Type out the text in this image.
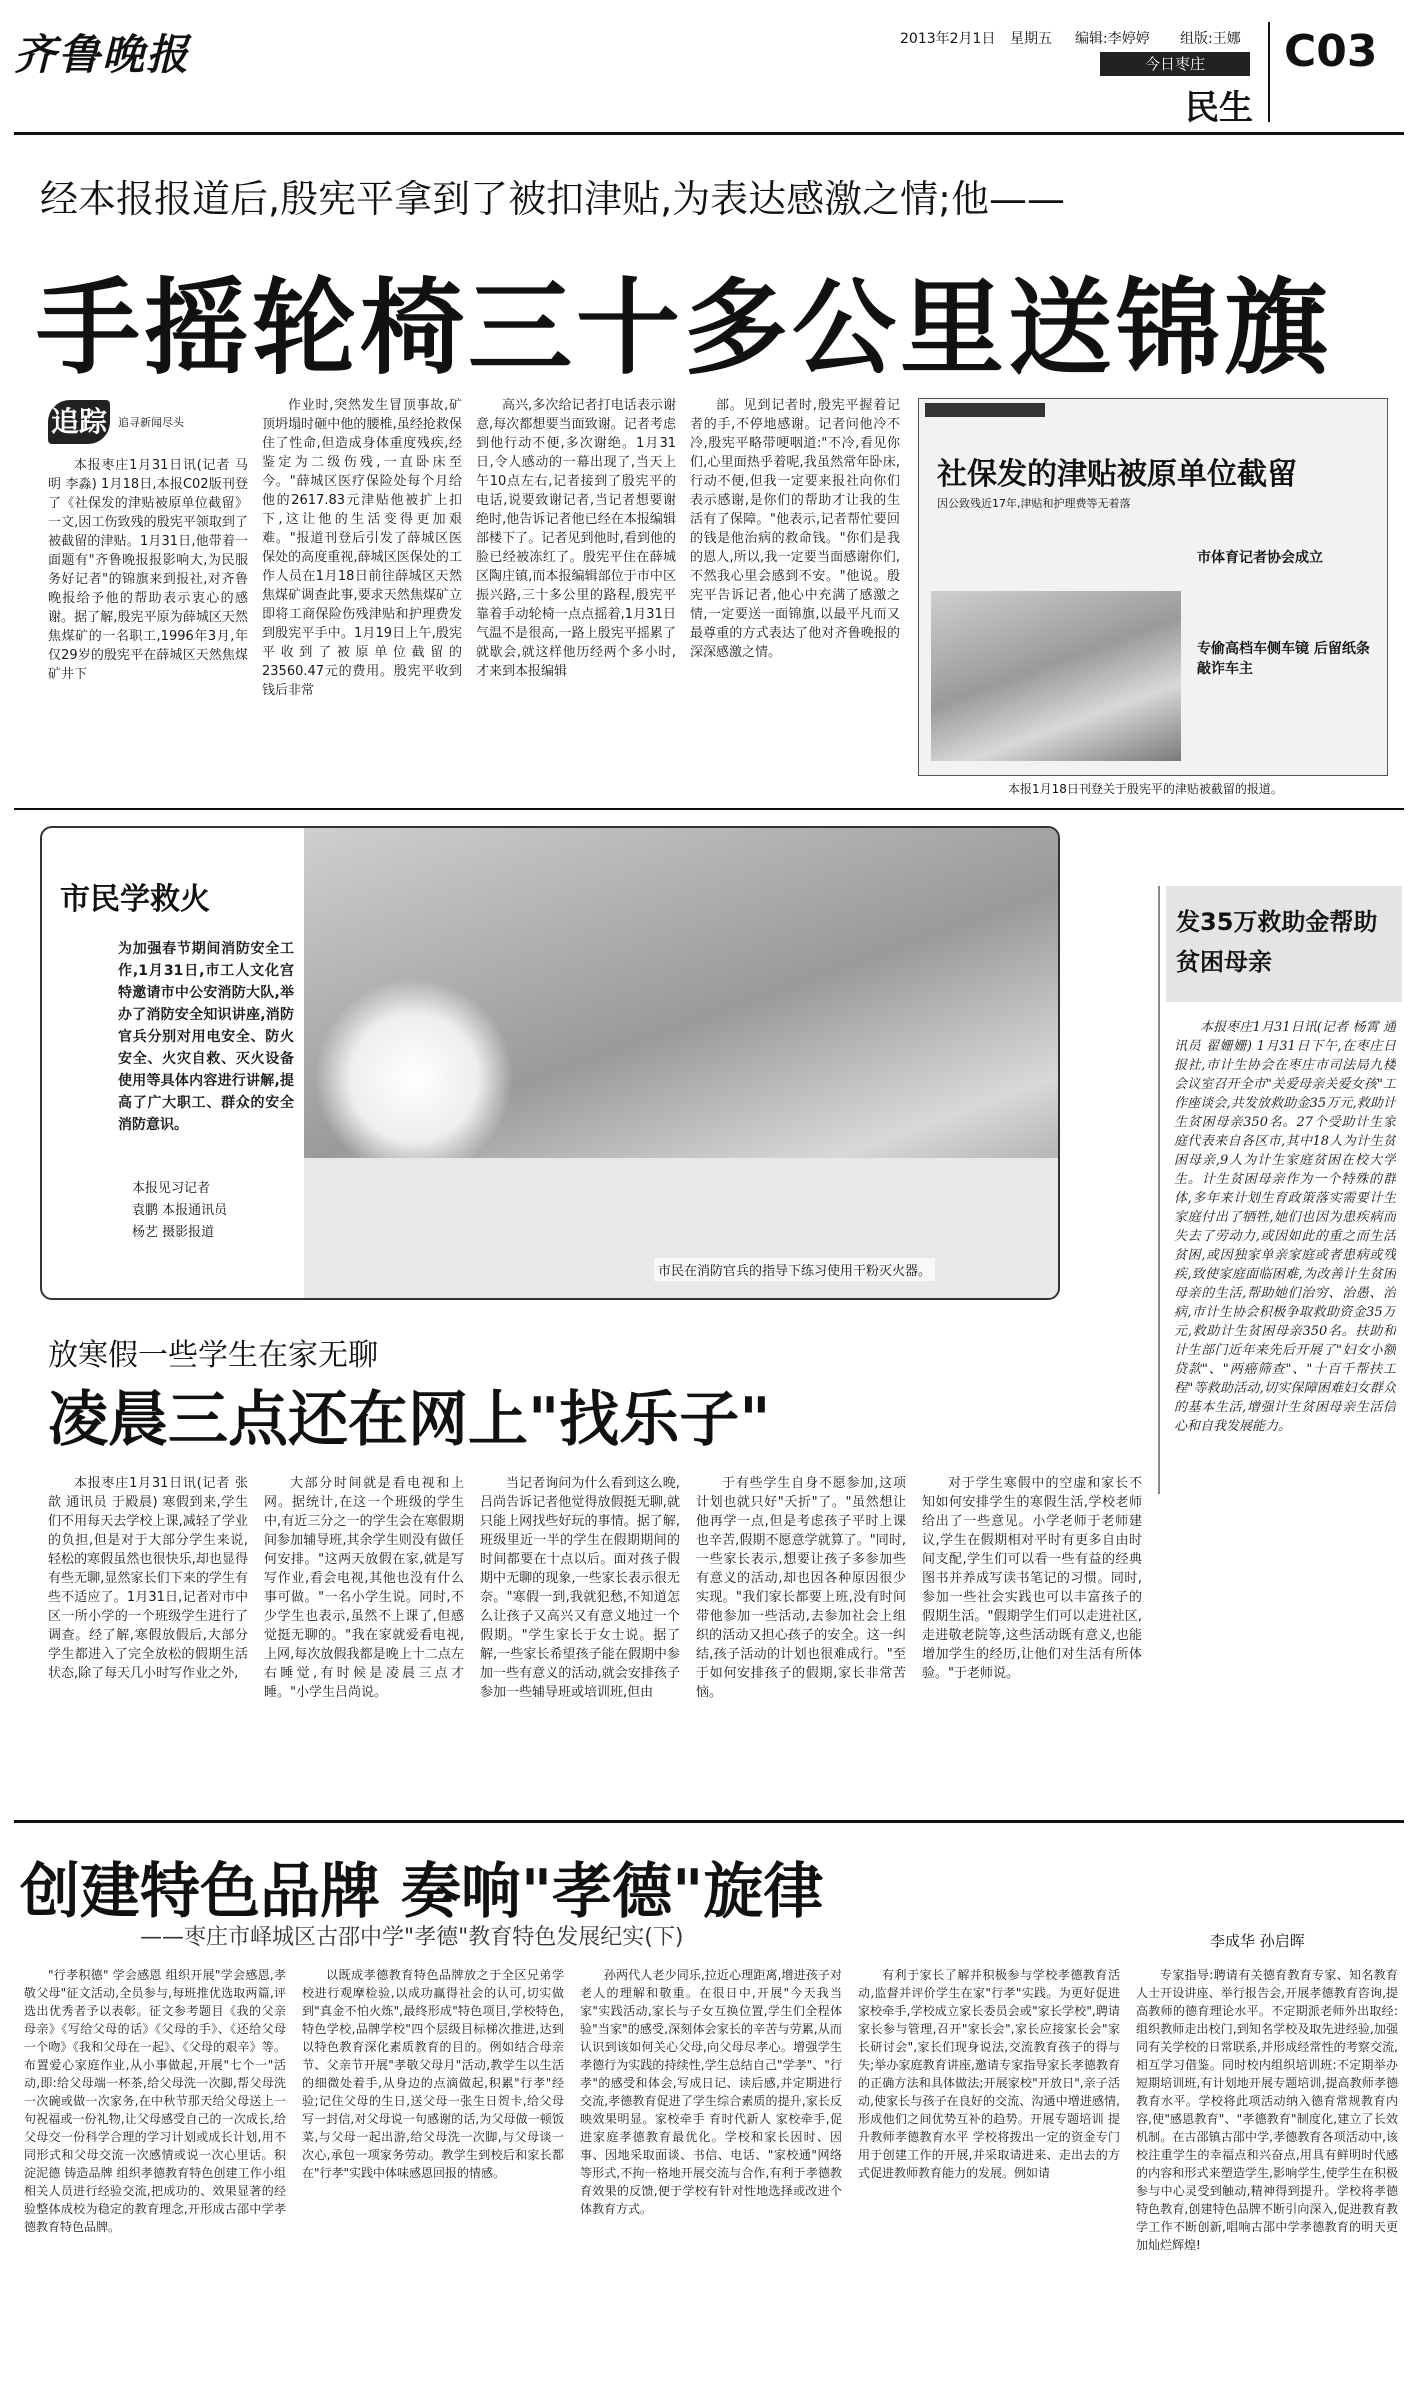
齐鲁晚报	2013年2月1日 星期五 编辑:李婷婷 组版:王娜
今日枣庄
民生
C03
经本报报道后,殷宪平拿到了被扣津贴,为表达感激之情;他——
手摇轮椅三十多公里送锦旗
追踪 追寻新闻尽头
本报枣庄1月31日讯(记者 马明 李淼) 1月18日,本报C02版刊登了《社保发的津贴被原单位截留》一文,因工伤致残的殷宪平领取到了被截留的津贴。1月31日,他带着一面题有"齐鲁晚报报影响大,为民服务好记者"的锦旗来到报社,对齐鲁晚报给予他的帮助表示衷心的感谢。据了解,殷宪平原为薛城区天然焦煤矿的一名职工,1996年3月,年仅29岁的殷宪平在薛城区天然焦煤矿井下
作业时,突然发生冒顶事故,矿顶坍塌时砸中他的腰椎,虽经抢救保住了性命,但造成身体重度残疾,经鉴定为二级伤残,一直卧床至今。"薛城区医疗保险处每个月给他的2617.83元津贴他被扩上扣下,这让他的生活变得更加艰难。"报道刊登后引发了薛城区医保处的高度重视,薛城区医保处的工作人员在1月18日前往薛城区天然焦煤矿调查此事,要求天然焦煤矿立即将工商保险伤残津贴和护理费发到殷宪平手中。1月19日上午,殷宪平收到了被原单位截留的23560.47元的费用。殷宪平收到钱后非常
高兴,多次给记者打电话表示谢意,每次都想要当面致谢。记者考虑到他行动不便,多次谢绝。1月31日,令人感动的一幕出现了,当天上午10点左右,记者接到了殷宪平的电话,说要致谢记者,当记者想要谢绝时,他告诉记者他已经在本报编辑部楼下了。记者见到他时,看到他的脸已经被冻红了。殷宪平住在薛城区陶庄镇,而本报编辑部位于市中区振兴路,三十多公里的路程,殷宪平靠着手动轮椅一点点摇着,1月31日气温不是很高,一路上殷宪平摇累了就歇会,就这样他历经两个多小时,才来到本报编辑
部。见到记者时,殷宪平握着记者的手,不停地感谢。记者问他冷不冷,殷宪平略带哽咽道:"不冷,看见你们,心里面热乎着呢,我虽然常年卧床,行动不便,但我一定要来报社向你们表示感谢,是你们的帮助才让我的生活有了保障。"他表示,记者帮忙要回的钱是他治病的救命钱。"你们是我的恩人,所以,我一定要当面感谢你们,不然我心里会感到不安。"他说。殷宪平告诉记者,他心中充满了感激之情,一定要送一面锦旗,以最平凡而又最尊重的方式表达了他对齐鲁晚报的深深感激之情。
社保发的津贴被原单位截留
因公致残近17年,津贴和护理费等无着落
市体育记者协会成立
专偷高档车侧车镜 后留纸条敲诈车主
本报1月18日刊登关于殷宪平的津贴被截留的报道。
市民学救火
为加强春节期间消防安全工作,1月31日,市工人文化宫特邀请市中公安消防大队,举办了消防安全知识讲座,消防官兵分别对用电安全、防火安全、火灾自救、灭火设备使用等具体内容进行讲解,提高了广大职工、群众的安全消防意识。
本报见习记者
袁鹏 本报通讯员
杨艺 摄影报道
市民在消防官兵的指导下练习使用干粉灭火器。
发35万救助金帮助贫困母亲
本报枣庄1月31日讯(记者 杨霄 通讯员 翟姗姗) 1月31日下午,在枣庄日报社,市计生协会在枣庄市司法局九楼会议室召开全市"关爱母亲关爱女孩"工作座谈会,共发放救助金35万元,救助计生贫困母亲350名。27个受助计生家庭代表来自各区市,其中18人为计生贫困母亲,9人为计生家庭贫困在校大学生。计生贫困母亲作为一个特殊的群体,多年来计划生育政策落实需要计生家庭付出了牺牲,她们也因为患疾病而失去了劳动力,或因如此的重之而生活贫困,或因独家单亲家庭或者患病或残疾,致使家庭面临困难,为改善计生贫困母亲的生活,帮助她们治穷、治愚、治病,市计生协会积极争取救助资金35万元,救助计生贫困母亲350名。扶助和计生部门近年来先后开展了"妇女小额贷款"、"两癌筛查"、"十百千帮扶工程"等救助活动,切实保障困难妇女群众的基本生活,增强计生贫困母亲生活信心和自我发展能力。
放寒假一些学生在家无聊
凌晨三点还在网上"找乐子"
本报枣庄1月31日讯(记者 张歆 通讯员 于殿晨) 寒假到来,学生们不用每天去学校上课,减轻了学业的负担,但是对于大部分学生来说,轻松的寒假虽然也很快乐,却也显得有些无聊,显然家长们下来的学生有些不适应了。1月31日,记者对市中区一所小学的一个班级学生进行了调查。经了解,寒假放假后,大部分学生都进入了完全放松的假期生活状态,除了每天几小时写作业之外,
大部分时间就是看电视和上网。据统计,在这一个班级的学生中,有近三分之一的学生会在寒假期间参加辅导班,其余学生则没有做任何安排。"这两天放假在家,就是写写作业,看会电视,其他也没有什么事可做。"一名小学生说。同时,不少学生也表示,虽然不上课了,但感觉挺无聊的。"我在家就爱看电视,上网,每次放假我都是晚上十二点左右睡觉,有时候是凌晨三点才睡。"小学生吕尚说。
当记者询问为什么看到这么晚,吕尚告诉记者他觉得放假挺无聊,就只能上网找些好玩的事情。据了解,班级里近一半的学生在假期期间的时间都要在十点以后。面对孩子假期中无聊的现象,一些家长表示很无奈。"寒假一到,我就犯愁,不知道怎么让孩子又高兴又有意义地过一个假期。"学生家长于女士说。据了解,一些家长希望孩子能在假期中参加一些有意义的活动,就会安排孩子参加一些辅导班或培训班,但由
于有些学生自身不愿参加,这项计划也就只好"夭折"了。"虽然想让他再学一点,但是考虑孩子平时上课也辛苦,假期不愿意学就算了。"同时,一些家长表示,想要让孩子多参加些有意义的活动,却也因各种原因很少实现。"我们家长都要上班,没有时间带他参加一些活动,去参加社会上组织的活动又担心孩子的安全。这一纠结,孩子活动的计划也很难成行。"至于如何安排孩子的假期,家长非常苦恼。
对于学生寒假中的空虚和家长不知如何安排学生的寒假生活,学校老师给出了一些意见。小学老师于老师建议,学生在假期相对平时有更多自由时间支配,学生们可以看一些有益的经典图书并养成写读书笔记的习惯。同时,参加一些社会实践也可以丰富孩子的假期生活。"假期学生们可以走进社区,走进敬老院等,这些活动既有意义,也能增加学生的经历,让他们对生活有所体验。"于老师说。
创建特色品牌 奏响"孝德"旋律
——枣庄市峄城区古邵中学"孝德"教育特色发展纪实(下)	李成华 孙启晖
"行孝积德" 学会感恩 组织开展"学会感恩,孝敬父母"征文活动,全员参与,每班推优选取两篇,评选出优秀者予以表彰。征文参考题目《我的父亲母亲》《写给父母的话》《父母的手》、《还给父母一个吻》《我和父母在一起》、《父母的艰辛》等。布置爱心家庭作业,从小事做起,开展"七个一"活动,即:给父母端一杯茶,给父母洗一次脚,帮父母洗一次碗或做一次家务,在中秋节那天给父母送上一句祝福或一份礼物,让父母感受自己的一次成长,给父母交一份科学合理的学习计划或成长计划,用不同形式和父母交流一次感情或说一次心里话。积淀泥德 铸造品牌 组织孝德教育特色创建工作小组相关人员进行经验交流,把成功的、效果显著的经验整体成校为稳定的教育理念,开形成古邵中学孝德教育特色品牌。
以既成孝德教育特色品牌放之于全区兄弟学校进行观摩检验,以成功赢得社会的认可,切实做到"真金不怕火炼",最终形成"特色项目,学校特色,特色学校,品牌学校"四个层级目标梯次推进,达到以特色教育深化素质教育的目的。例如结合母亲节、父亲节开展"孝敬父母月"活动,教学生以生活的细微处着手,从身边的点滴做起,积累"行孝"经验;记住父母的生日,送父母一张生日贺卡,给父母写一封信,对父母说一句感谢的话,为父母做一顿饭菜,与父母一起出游,给父母洗一次脚,与父母谈一次心,承包一项家务劳动。教学生到校后和家长都在"行孝"实践中体味感恩回报的情感。
孙两代人老少同乐,拉近心理距离,增进孩子对老人的理解和敬重。在很日中,开展"今天我当家"实践活动,家长与子女互换位置,学生们全程体验"当家"的感受,深刻体会家长的辛苦与劳累,从而认识到该如何关心父母,向父母尽孝心。增强学生孝德行为实践的持续性,学生总结自己"学孝"、"行孝"的感受和体会,写成日记、读后感,并定期进行交流,孝德教育促进了学生综合素质的提升,家长反映效果明显。家校牵手 育时代新人 家校牵手,促进家庭孝德教育最优化。学校和家长因时、因事、因地采取面谈、书信、电话、"家校通"网络等形式,不拘一格地开展交流与合作,有利于孝德教育效果的反馈,便于学校有针对性地选择或改进个体教育方式。
有利于家长了解并积极参与学校孝德教育活动,监督并评价学生在家"行孝"实践。为更好促进家校牵手,学校成立家长委员会或"家长学校",聘请家长参与管理,召开"家长会",家长应接家长会"家长研讨会",家长们现身说法,交流教育孩子的得与失;举办家庭教育讲座,邀请专家指导家长孝德教育的正确方法和具体做法;开展家校"开放日",亲子活动,使家长与孩子在良好的交流、沟通中增进感情,形成他们之间优势互补的趋势。开展专题培训 提升教师孝德教育水平 学校将拨出一定的资金专门用于创建工作的开展,并采取请进来、走出去的方式促进教师教育能力的发展。例如请
专家指导:聘请有关德育教育专家、知名教育人士开设讲座、举行报告会,开展孝德教育咨询,提高教师的德育理论水平。不定期派老师外出取经:组织教师走出校门,到知名学校及取先进经验,加强同有关学校的日常联系,并形成经常性的考察交流,相互学习借鉴。同时校内组织培训班:不定期举办短期培训班,有计划地开展专题培训,提高教师孝德教育水平。学校将此项活动纳入德育常规教育内容,使"感恩教育"、"孝德教育"制度化,建立了长效机制。在古邵镇古邵中学,孝德教育各项活动中,该校注重学生的幸福点和兴奋点,用具有鲜明时代感的内容和形式来塑造学生,影响学生,使学生在积极参与中心灵受到触动,精神得到提升。学校将孝德特色教育,创建特色品牌不断引向深入,促进教育教学工作不断创新,唱响古邵中学孝德教育的明天更加灿烂辉煌!
